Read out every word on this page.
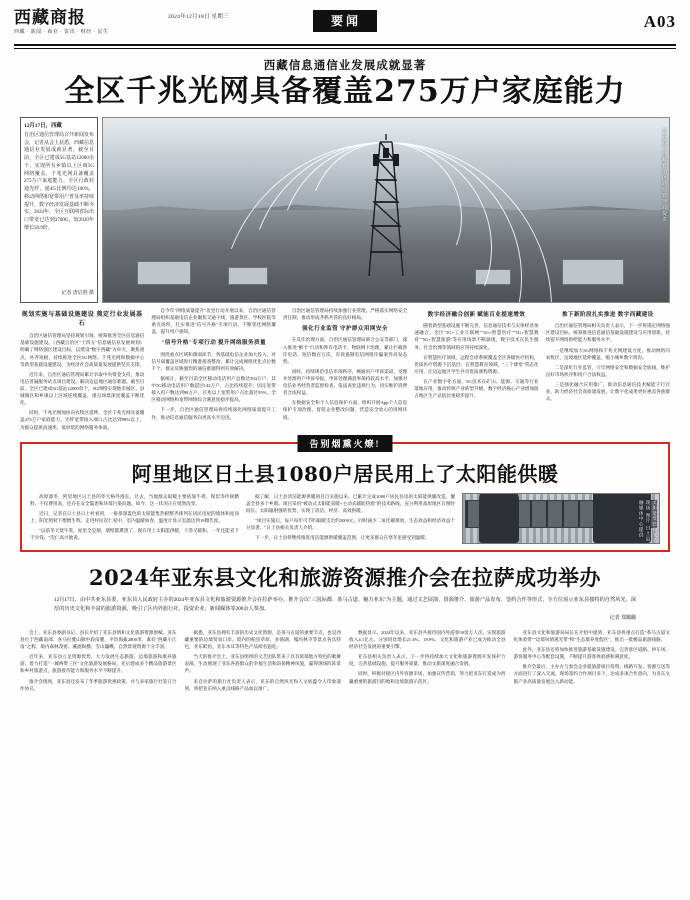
西藏商报
西藏 · 新闻 · 商业 · 资讯 · 财经 · 民生
2024年12月18日 星期三	要闻	A03
西藏信息通信业发展成就显著
全区千兆光网具备覆盖275万户家庭能力
12月17日，西藏
自治区通信管理局召开新闻发布会，记者从会上获悉，西藏信息通信业发展成就显著，截至目前，全区已建成5G基站12000余个，实现所有乡镇以上区域5G网络覆盖，千兆光网具备覆盖275万户家庭能力。全区行政村通光纤、通4G比例均达100%，移动网络和宽带用户普及率持续提升，数字经济发展基础不断夯实。2024年，全区互联网省际出口带宽已达到3700G，较2020年增长50.9倍。
记者 唐启胜 摄
5G基站·西藏自治区通信管理局提供
规划实施与基础设施建设 奠定行业发展基石

自治区通信管理局坚持规划引领，统筹推进全区信息通信基础设施建设。《西藏自治区"十四五"信息通信业发展规划》明确了网络强区建设目标，以建设"数字西藏"为牵引，聚焦重点、补齐短板，持续推进全区5G网络、千兆光网和数据中心等新型基础设施建设，为经济社会高质量发展提供坚实支撑。

近年来，自治区通信管理局累计争取中央资金支持，推动电信普遍服务试点项目建设，解决边远地区通信难题。截至目前，全区已建成5G基站12000余个，5G网络实现地市城区、县城城区和乡镇以上区域连续覆盖，重点场景深度覆盖不断优化。

同时，千兆光网加快向农牧区延伸，全区千兆光网具备覆盖275万户家庭能力，光纤宽带接入端口占比达到98%以上，为群众提供高速率、低时延的网络服务体验。

自今年"网络质量提升"攻坚行动开展以来，自治区通信管理局组织基础电信企业聚焦交通干线、旅游景区、学校医院等重点场所，扎实推进"信号升格"专项行动，不断优化网络覆盖、提升用户感知。

"信号升格"专项行动 提升网络服务质量

围绕重点区域和薄弱环节，各基础电信企业加大投入，对信号弱覆盖区域进行精准排查整改，累计完成网络优化点位数千个，群众反映强烈的通信难题得到有效解决。

据统计，截至目前全区移动电话用户总数达394万户，其中5G移动电话用户数超过142万户，占比持续提升；固定宽带接入用户数达到98万户，百兆以上宽带用户占比超过95%，全区移动网络和宽带网络综合满意度稳步提高。

下一步，自治区通信管理局将持续深化网络质量提升工作，推动信息通信服务向更高水平迈进。

自治区通信管理局持续加强行业管理，严格落实网络安全责任制，推动形成齐抓共管的良好格局。

强化行业监管 守护群众用网安全

在反诈治理方面，自治区通信管理局联合公安等部门，深入推进"断卡"行动和涉诈电话卡、物联网卡治理，累计拦截涉诈电话、短信数百万次，有效遏制电信网络诈骗案件高发态势。

同时，持续规范电信市场秩序，畅通用户申诉渠道，受理并处理用户申诉举报，申诉处理满意率保持较高水平。加强对电信业务经营者监督检查，依法查处违规行为，切实维护消费者合法权益。

在数据安全和个人信息保护方面，组织开展App个人信息保护专项治理，督促企业整改问题，营造安全放心的用网环境。

数字经济融合创新 赋能百业提速增效

随着新型基础设施不断完善，信息通信技术与实体经济加速融合。全区"5G+工业互联网""5G+智慧医疗""5G+智慧教育""5G+智慧旅游"等应用场景不断涌现，数字技术在民生服务、社会治理等领域的应用持续深化。

在智慧医疗领域，远程会诊系统覆盖全区各级医疗机构，优质医疗资源下沉基层；在智慧教育领域，"三个课堂"常态化应用，让边远地区学生共享优质课程资源。

在产业数字化方面，5G技术在矿山、能源、交通等行业落地应用，推动传统产业转型升级，数字经济核心产业增加值占地区生产总值比重稳步提升。

推下新阶段扎实推进 数字西藏建设

自治区通信管理局相关负责人表示，下一步将锚定网络强区建设目标，统筹推进信息通信基础设施建设与应用创新，持续提升网络供给能力和服务水平。

一是继续加大5G网络和千兆光网建设力度，推动网络向农牧区、边境地区延伸覆盖，缩小城乡数字鸿沟。

二是深化行业监管，守牢网络安全和数据安全底线，维护良好市场秩序和用户合法权益。

三是强化融合应用推广，推动信息通信技术赋能千行百业，助力经济社会高质量发展，让数字化成果更好惠及各族群众。

告别烟熏火燎!
阿里地区日土县1080户居民用上了太阳能供暖

高原凛冬，阿里地区日土县的冬天格外漫长。过去，当地群众取暖主要依靠牛粪、煤炭等传统燃料，不仅费用高，还存在安全隐患和环境污染问题。如今，这一状况正在悄然改变。

近日，记者在日土县日土村看到，一排排深蓝色的太阳能集热板整齐排列在居民房屋的墙体和屋顶上，阳光照射下熠熠生辉。走进村民次仁家中，室内温暖如春，温度计显示室温达到18摄氏度。

"以前冬天烧牛粪，屋里全是烟，墙壁都熏黑了。现在用上太阳能供暖，干净又暖和，一年还能省下不少钱。"次仁高兴地说。

据了解，日土县清洁能源供暖项目自实施以来，已累计完成1080户居民住房的太阳能供暖改造，覆盖全县多个乡镇。项目采用"被动式太阳能采暖+主动式辅助热源"的技术路线，充分利用高原地区日照时间长、太阳辐射强的优势，实现了清洁、经济、高效供暖。

"项目实施后，每户每年可节约取暖支出约2000元，同时减少二氧化碳排放，生态效益和经济效益十分显著。"日土县相关负责人介绍。

下一步，日土县将继续推进清洁能源供暖覆盖范围，让更多群众在寒冬里感受到温暖。	太阳能集热板安装现场 图片 日土县融媒体中心提供
2024年亚东县文化和旅游资源推介会在拉萨成功举办
12月17日，由中共亚东县委、亚东县人民政府主办的2024年亚东县文化和旅游资源推介会在拉萨举办。推介会以"三国际都、茶马古道、魅力亚东"为主题，通过文艺展演、资源推介、旅游产品发布、签约合作等形式，全方位展示亚东县独特的自然风光、深厚的历史文化和丰富的旅游资源，吸引了区内外旅行社、投资企业、新闻媒体等200余人参加。
记者 郑璐璐

会上，亚东县委副书记、县长介绍了亚东县情和文化旅游资源禀赋。亚东县位于西藏南部、喜马拉雅山脉中段南麓，平均海拔2800米，素有"西藏小江南"之称，境内森林茂密、溪流纵横、雪山巍峨，自然景观资源十分丰富。

近年来，亚东县立足资源优势，大力发展生态旅游、边境旅游和康养旅游，着力打造"一城两带三区"文化旅游发展格局，先后建成多个精品旅游景区和乡村旅游点，旅游接待能力和服务水平不断提升。

推介会现场，亚东县还发布了冬季旅游优惠政策，并与多家旅行社签订合作协议。

据悉，亚东县拥有丰富的历史文化资源，是茶马古道的重要节点，也是西藏重要的边境贸易口岸。境内的帕里草原、多情湖、嘎玛林寺等景点各具特色，亚东鲑鱼、亚东木耳等特色产品闻名遐迩。

当天的推介会上，亚东县组织的文艺团队带来了具有浓郁地方特色的歌舞表演，生动展现了亚东各族群众的幸福生活和昂扬精神风貌，赢得现场阵阵掌声。

来自拉萨的旅行社负责人表示，亚东的自然风光和人文底蕴令人印象深刻，将把亚东纳入重点线路产品加以推广。

数据显示，2024年以来，亚东县共接待国内外游客50余万人次，实现旅游收入4.1亿元，分别同比增长21.4%、18.9%，文化和旅游产业已成为推动全县经济社会发展的重要引擎。

亚东县相关负责人表示，下一步将持续加大文化和旅游资源开发保护力度，完善基础设施，提升服务质量，推动文旅深度融合发展。

同时，积极对接区内外客源市场，加强宣传营销，努力把亚东打造成为西藏重要的旅游目的地和边境旅游示范区。

亚东县文化和旅游局局长在介绍中提到，亚东县将重点打造"茶马古道文化体验带""边境风情观光带"和"生态康养度假区"，推出一批精品旅游线路。

此外，亚东县还将加快推进旅游基础设施建设，完善景区道路、停车场、游客服务中心等配套设施，不断提升游客体验感和满意度。

推介会最后，主办方与参会企业就旅游项目投资、线路开发、客源互送等方面进行了深入交流，现场签约合作项目多个，达成多项合作意向，为亚东文旅产业高质量发展注入新动能。
